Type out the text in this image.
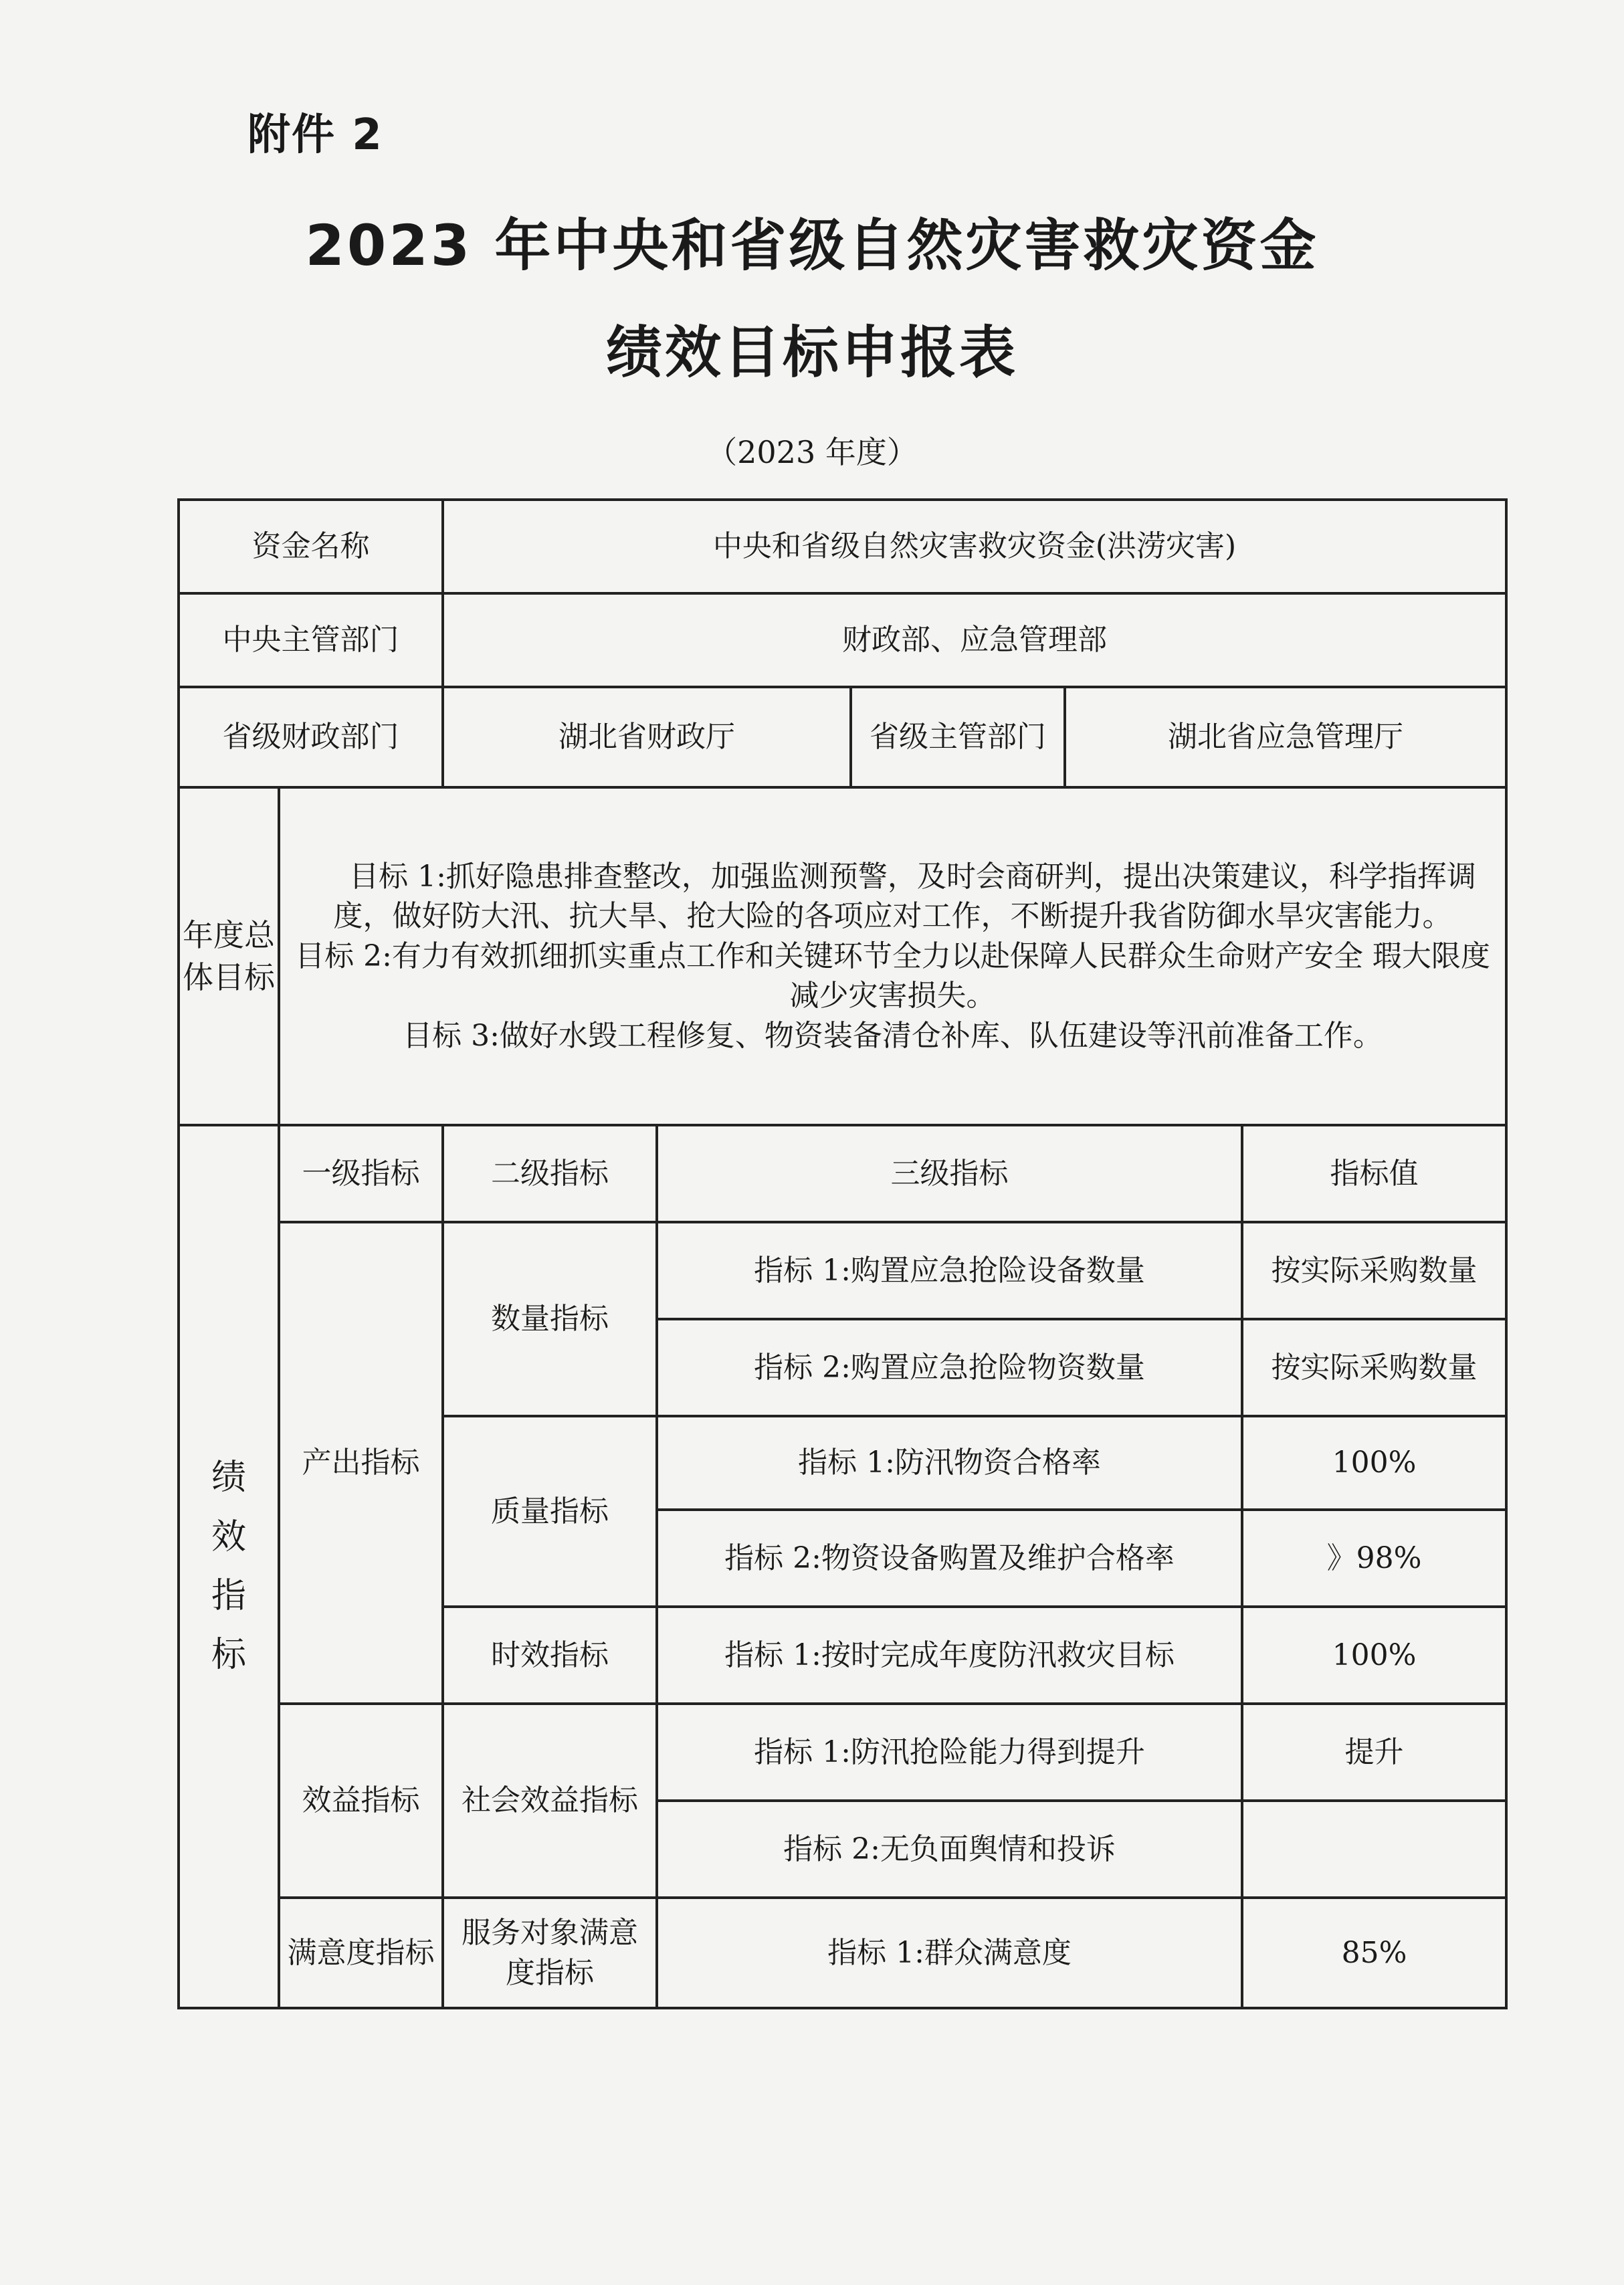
附件 2
2023 年中央和省级自然灾害救灾资金
绩效目标申报表
（2023 年度）
资金名称		中央和省级自然灾害救灾资金(洪涝灾害)				
中央主管部门		财政部、应急管理部				
省级财政部门		湖北省财政厅		省级主管部门	湖北省应急管理厅	
年度总 体目标	目标 1:抓好隐患排查整改，加强监测预警，及时会商研判，提出决策建议，科学指挥调度，做好防大汛、抗大旱、抢大险的各项应对工作，不断提升我省防御水旱灾害能力。

目标 2:有力有效抓细抓实重点工作和关键环节全力以赴保障人民群众生命财产安全 瑕大限度减少灾害损失。

目标 3:做好水毁工程修复、物资装备清仓补库、队伍建设等汛前准备工作。					

绩
效
指
标	一级指标	二级指标	三级指标			指标值
	产出指标	数量指标	指标 1:购置应急抢险设备数量			按实际采购数量
			指标 2:购置应急抢险物资数量			按实际采购数量
		质量指标	指标 1:防汛物资合格率			100%
			指标 2:物资设备购置及维护合格率			》98%
		时效指标	指标 1:按时完成年度防汛救灾目标			100%
	效益指标	社会效益指标	指标 1:防汛抢险能力得到提升			提升
			指标 2:无负面舆情和投诉			
	满意度指标	服务对象满意度指标	指标 1:群众满意度			85%
